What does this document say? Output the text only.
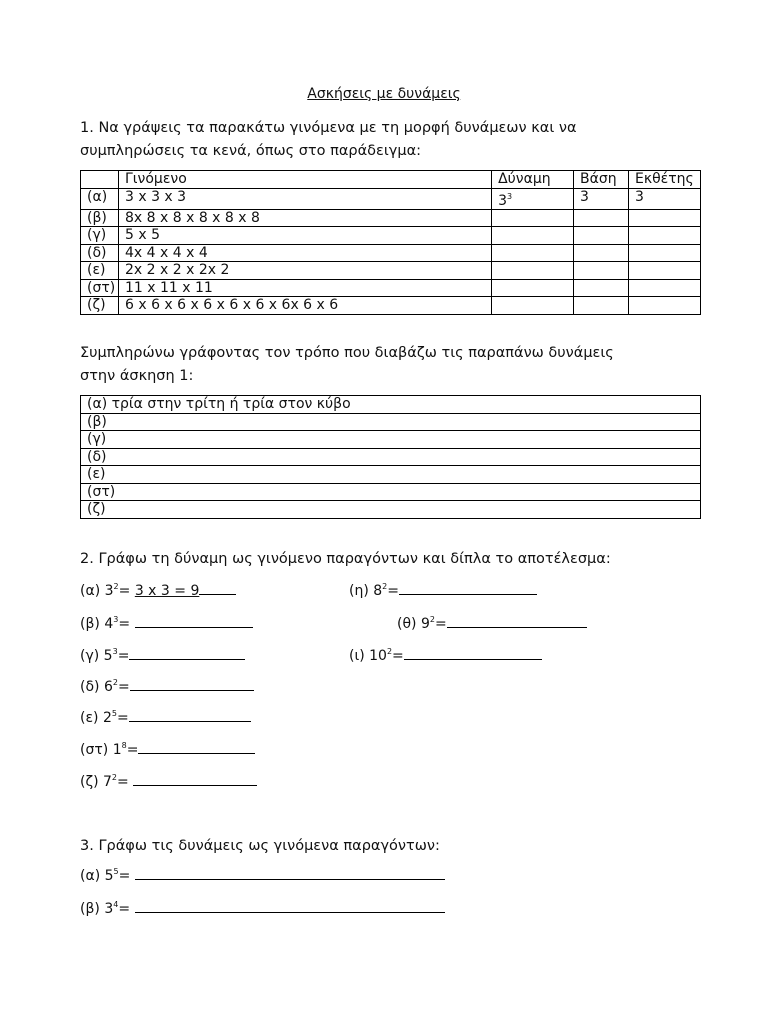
Ασκήσεις με δυνάμεις
1. Να γράψεις τα παρακάτω γινόμενα με τη μορφή δυνάμεων και να
συμπληρώσεις τα κενά, όπως στο παράδειγμα:
	Γινόμενο	Δύναμη	Βάση	Εκθέτης
(α)	3 x 3 x 3	$3^3$	3	3
(β)	8x 8 x 8 x 8 x 8 x 8			
(γ)	5 x 5			
(δ)	4x 4 x 4 x 4			
(ε)	2x 2 x 2 x 2x 2			
(στ)	11 x 11 x 11			
(ζ)	6 x 6 x 6 x 6 x 6 x 6 x 6x 6 x 6			
Συμπληρώνω γράφοντας τον τρόπο που διαβάζω τις παραπάνω δυνάμεις
στην άσκηση 1:
(α) τρία στην τρίτη ή τρία στον κύβο
(β)
(γ)
(δ)
(ε)
(στ)
(ζ)
2. Γράφω τη δύναμη ως γινόμενο παραγόντων και δίπλα το αποτέλεσμα:
(α) $3^2= 3$ x 3 = 9
(β) $4^3=$
(γ) $5^3=$
(δ) $6^2=$
(ε) $2^5=$
(στ) $1^8=$
(ζ) $7^2=$
(η) $8^2=$
(θ) $9^2=$
(ι) $10^2=$
3. Γράφω τις δυνάμεις ως γινόμενα παραγόντων:
(α) $5^5=$
(β) $3^4=$
